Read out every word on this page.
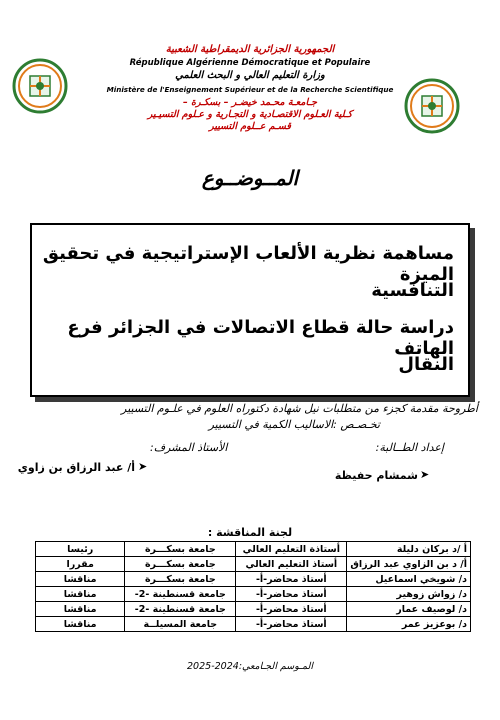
الجمهورية الجزائرية الديمقراطية الشعبية
République Algérienne Démocratique et Populaire
وزارة التعليم العالي و البحث العلمي
Ministère de l'Enseignement Supérieur et de la Recherche Scientifique
جـامعـة محـمد خيضـر – بسكـرة –
كـلية العـلوم الاقتصـادية و التجـارية و عـلوم التسيـير
قسـم عــلوم التسيير
المــوضــوع
مساهمة نظرية الألعاب الإستراتيجية في تحقيق الميزة
التنافسية
دراسة حالة قطاع الاتصالات في الجزائر فرع الهاتف
النقال
أطروحة مقدمة كجزء من متطلبات نيل شهادة دكتوراه العلوم في علـوم التسيير
تخـصـص :الاساليب الكمية في التسيير
إعداد الطــالبة:
الأستاذ المشرف:
➤
شمشام حفيظة
➤
أ/ عبد الرزاق بن زاوي
لجنة المناقشة :
أ /د بركان دليلة	أستاذة التعليم العالي	جامعة بسكـــرة	رئيسا
أ/ د بن الزاوي عبد الرزاق	أستاذ التعليم العالي	جامعة بسكـــرة	مقررا
د/ شويخي اسماعيل	أستاذ محاضر-أ-	جامعة بسكـــرة	مناقشا
د/ زواش زوهير	أستاذ محاضر-أ-	جامعة قسنطينة -2-	مناقشا
د/ لوصيف عمار	أستاذ محاضر-أ-	جامعة قسنطينة -2-	مناقشا
د/ بوعزيز عمر	أستاذ محاضر-أ-	جامعة المسيلــة	مناقشا
المـوسم الجـامعي:2024-2025
